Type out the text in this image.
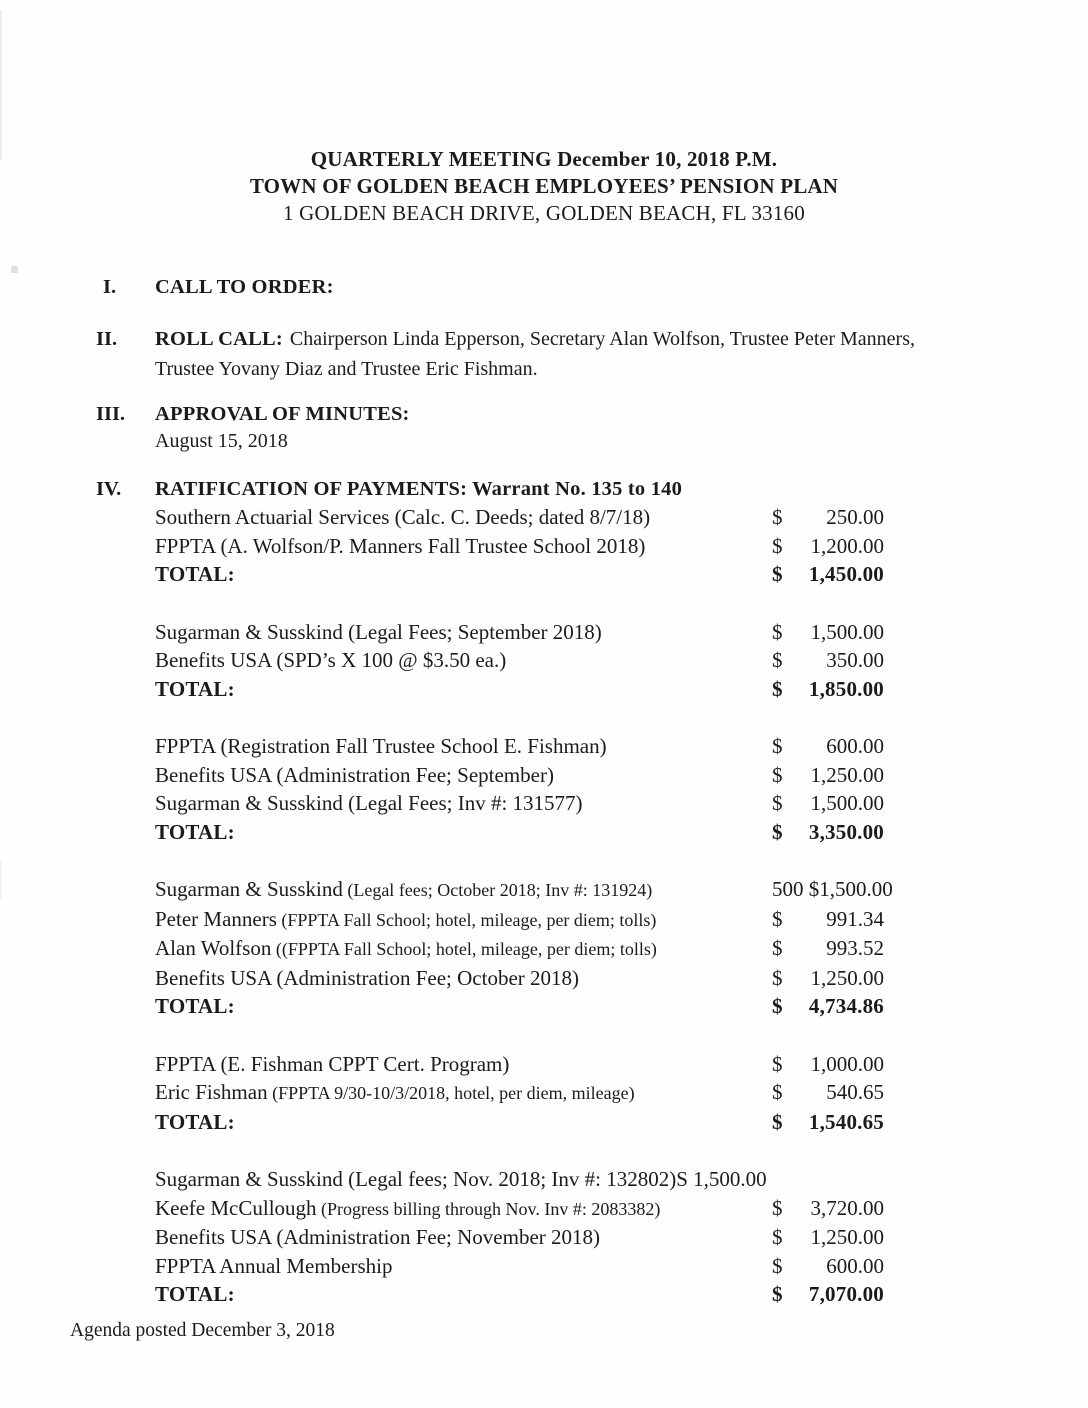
QUARTERLY MEETING December 10, 2018 P.M.
TOWN OF GOLDEN BEACH EMPLOYEES’ PENSION PLAN
1 GOLDEN BEACH DRIVE, GOLDEN BEACH, FL 33160
I.	CALL TO ORDER:
II.	ROLL CALL: Chairperson Linda Epperson, Secretary Alan Wolfson, Trustee Peter Manners, Trustee Yovany Diaz and Trustee Eric Fishman.
III.	APPROVAL OF MINUTES:
August 15, 2018
IV.	RATIFICATION OF PAYMENTS: Warrant No. 135 to 140
Southern Actuarial Services (Calc. C. Deeds; dated 8/7/18)	$ 250.00
FPPTA (A. Wolfson/P. Manners Fall Trustee School 2018)	$ 1,200.00
TOTAL:	$ 1,450.00
Sugarman & Susskind (Legal Fees; September 2018)	$ 1,500.00
Benefits USA (SPD’s X 100 @ $3.50 ea.)	$ 350.00
TOTAL:	$ 1,850.00
FPPTA (Registration Fall Trustee School E. Fishman)	$ 600.00
Benefits USA (Administration Fee; September)	$ 1,250.00
Sugarman & Susskind (Legal Fees; Inv #: 131577)	$ 1,500.00
TOTAL:	$ 3,350.00
Sugarman & Susskind (Legal fees; October 2018; Inv #: 131924)	500 $ 1,500.00
Peter Manners (FPPTA Fall School; hotel, mileage, per diem; tolls)	$ 991.34
Alan Wolfson ((FPPTA Fall School; hotel, mileage, per diem; tolls)	$ 993.52
Benefits USA (Administration Fee; October 2018)	$ 1,250.00
TOTAL:	$ 4,734.86
FPPTA (E. Fishman CPPT Cert. Program)	$ 1,000.00
Eric Fishman (FPPTA 9/30-10/3/2018, hotel, per diem, mileage)	$ 540.65
TOTAL:	$ 1,540.65
Sugarman & Susskind (Legal fees; Nov. 2018; Inv #: 132802) S 1,500.00
Keefe McCullough (Progress billing through Nov. Inv #: 2083382)	$ 3,720.00
Benefits USA (Administration Fee; November 2018)	$ 1,250.00
FPPTA Annual Membership	$ 600.00
TOTAL:	$ 7,070.00
Agenda posted December 3, 2018
